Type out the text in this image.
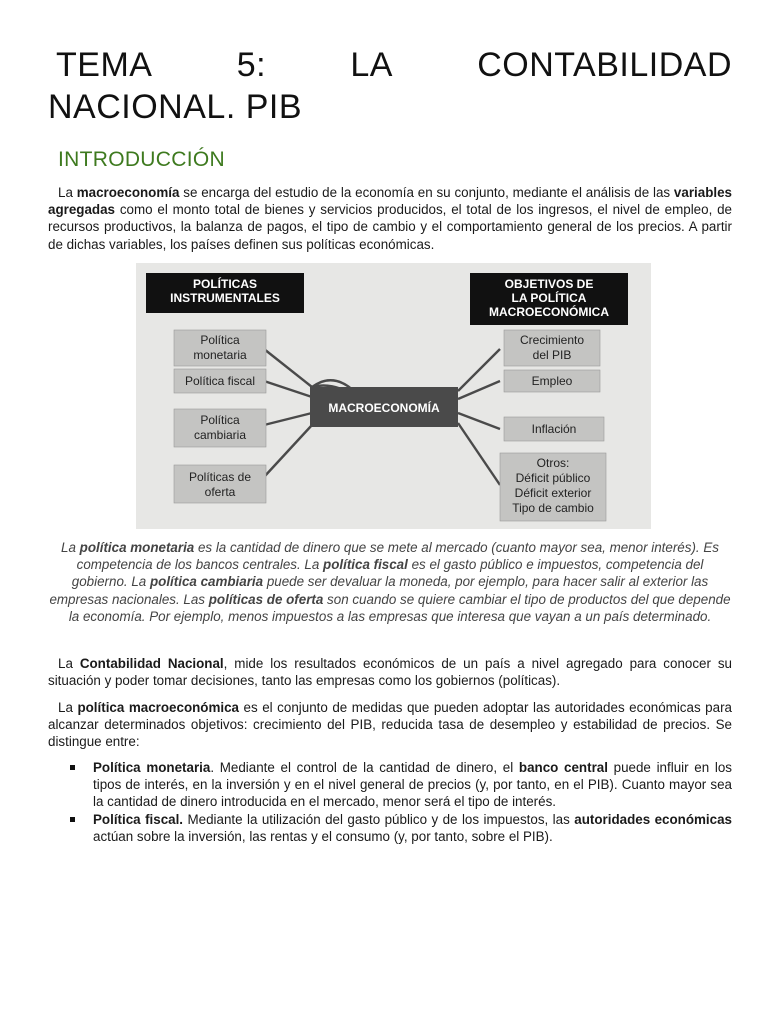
TEMA 5: LA CONTABILIDAD
NACIONAL. PIB
INTRODUCCIÓN

La macroeconomía se encarga del estudio de la economía en su conjunto, mediante el análisis de las variables agregadas como el monto total de bienes y servicios producidos, el total de los ingresos, el nivel de empleo, de recursos productivos, la balanza de pagos, el tipo de cambio y el comportamiento general de los precios. A partir de dichas variables, los países definen sus políticas económicas.

POLÍTICAS
INSTRUMENTALES
OBJETIVOS DE
LA POLÍTICA
MACROECONÓMICA
MACROECONOMÍA
Política
monetaria
Política fiscal
Política
cambiaria
Políticas de
oferta
Crecimiento
del PIB
Empleo
Inflación
Otros:
Déficit público
Déficit exterior
Tipo de cambio

La política monetaria es la cantidad de dinero que se mete al mercado (cuanto mayor sea, menor interés). Es competencia de los bancos centrales. La política fiscal es el gasto público e impuestos, competencia del gobierno. La política cambiaria puede ser devaluar la moneda, por ejemplo, para hacer salir al exterior las empresas nacionales. Las políticas de oferta son cuando se quiere cambiar el tipo de productos del que depende la economía. Por ejemplo, menos impuestos a las empresas que interesa que vayan a un país determinado.

La Contabilidad Nacional, mide los resultados económicos de un país a nivel agregado para conocer su situación y poder tomar decisiones, tanto las empresas como los gobiernos (políticas).

La política macroeconómica es el conjunto de medidas que pueden adoptar las autoridades económicas para alcanzar determinados objetivos: crecimiento del PIB, reducida tasa de desempleo y estabilidad de precios. Se distingue entre:

Política monetaria. Mediante el control de la cantidad de dinero, el banco central puede influir en los tipos de interés, en la inversión y en el nivel general de precios (y, por tanto, en el PIB). Cuanto mayor sea la cantidad de dinero introducida en el mercado, menor será el tipo de interés.
Política fiscal. Mediante la utilización del gasto público y de los impuestos, las autoridades económicas actúan sobre la inversión, las rentas y el consumo (y, por tanto, sobre el PIB).
